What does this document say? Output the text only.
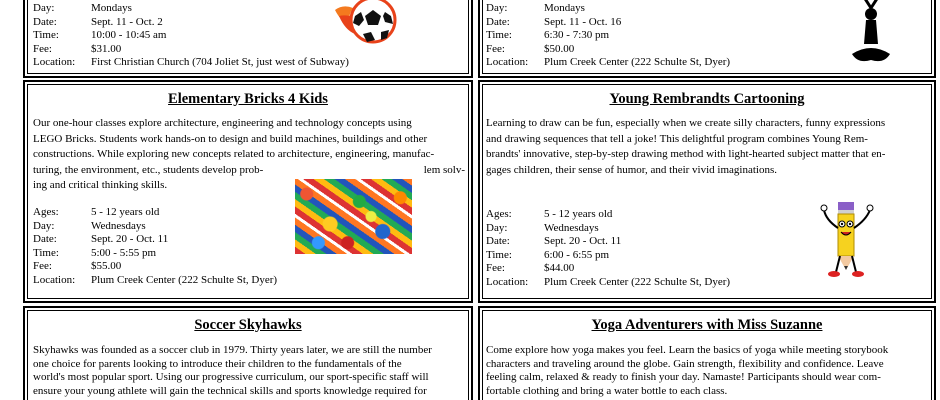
Day:	Mondays
Date:	Sept. 11 - Oct. 2
Time:	10:00 - 10:45 am
Fee:	$31.00
Location:	First Christian Church (704 Joliet St, just west of Subway)
Day:	Mondays
Date:	Sept. 11 - Oct. 16
Time:	6:30 - 7:30 pm
Fee:	$50.00
Location:	Plum Creek Center (222 Schulte St, Dyer)
Elementary Bricks 4 Kids
Our one-hour classes explore architecture, engineering and technology concepts using
LEGO Bricks. Students work hands-on to design and build machines, buildings and other
constructions. While exploring new concepts related to architecture, engineering, manufac-
turing, the environment, etc., students develop prob-	lem solv-
ing and critical thinking skills.
Ages:	5 - 12 years old
Day:	Wednesdays
Date:	Sept. 20 - Oct. 11
Time:	5:00 - 5:55 pm
Fee:	$55.00
Location:	Plum Creek Center (222 Schulte St, Dyer)
Young Rembrandts Cartooning
Learning to draw can be fun, especially when we create silly characters, funny expressions
and drawing sequences that tell a joke! This delightful program combines Young Rem-
brandts' innovative, step-by-step drawing method with light-hearted subject matter that en-
gages children, their sense of humor, and their vivid imaginations.
Ages:	5 - 12 years old
Day:	Wednesdays
Date:	Sept. 20 - Oct. 11
Time:	6:00 - 6:55 pm
Fee:	$44.00
Location:	Plum Creek Center (222 Schulte St, Dyer)
Soccer Skyhawks
Skyhawks was founded as a soccer club in 1979. Thirty years later, we are still the number
one choice for parents looking to introduce their children to the fundamentals of the
world's most popular sport. Using our progressive curriculum, our sport-specific staff will
ensure your young athlete will gain the technical skills and sports knowledge required for
Yoga Adventurers with Miss Suzanne
Come explore how yoga makes you feel. Learn the basics of yoga while meeting storybook
characters and traveling around the globe. Gain strength, flexibility and confidence. Leave
feeling calm, relaxed & ready to finish your day. Namaste! Participants should wear com-
fortable clothing and bring a water bottle to each class.
